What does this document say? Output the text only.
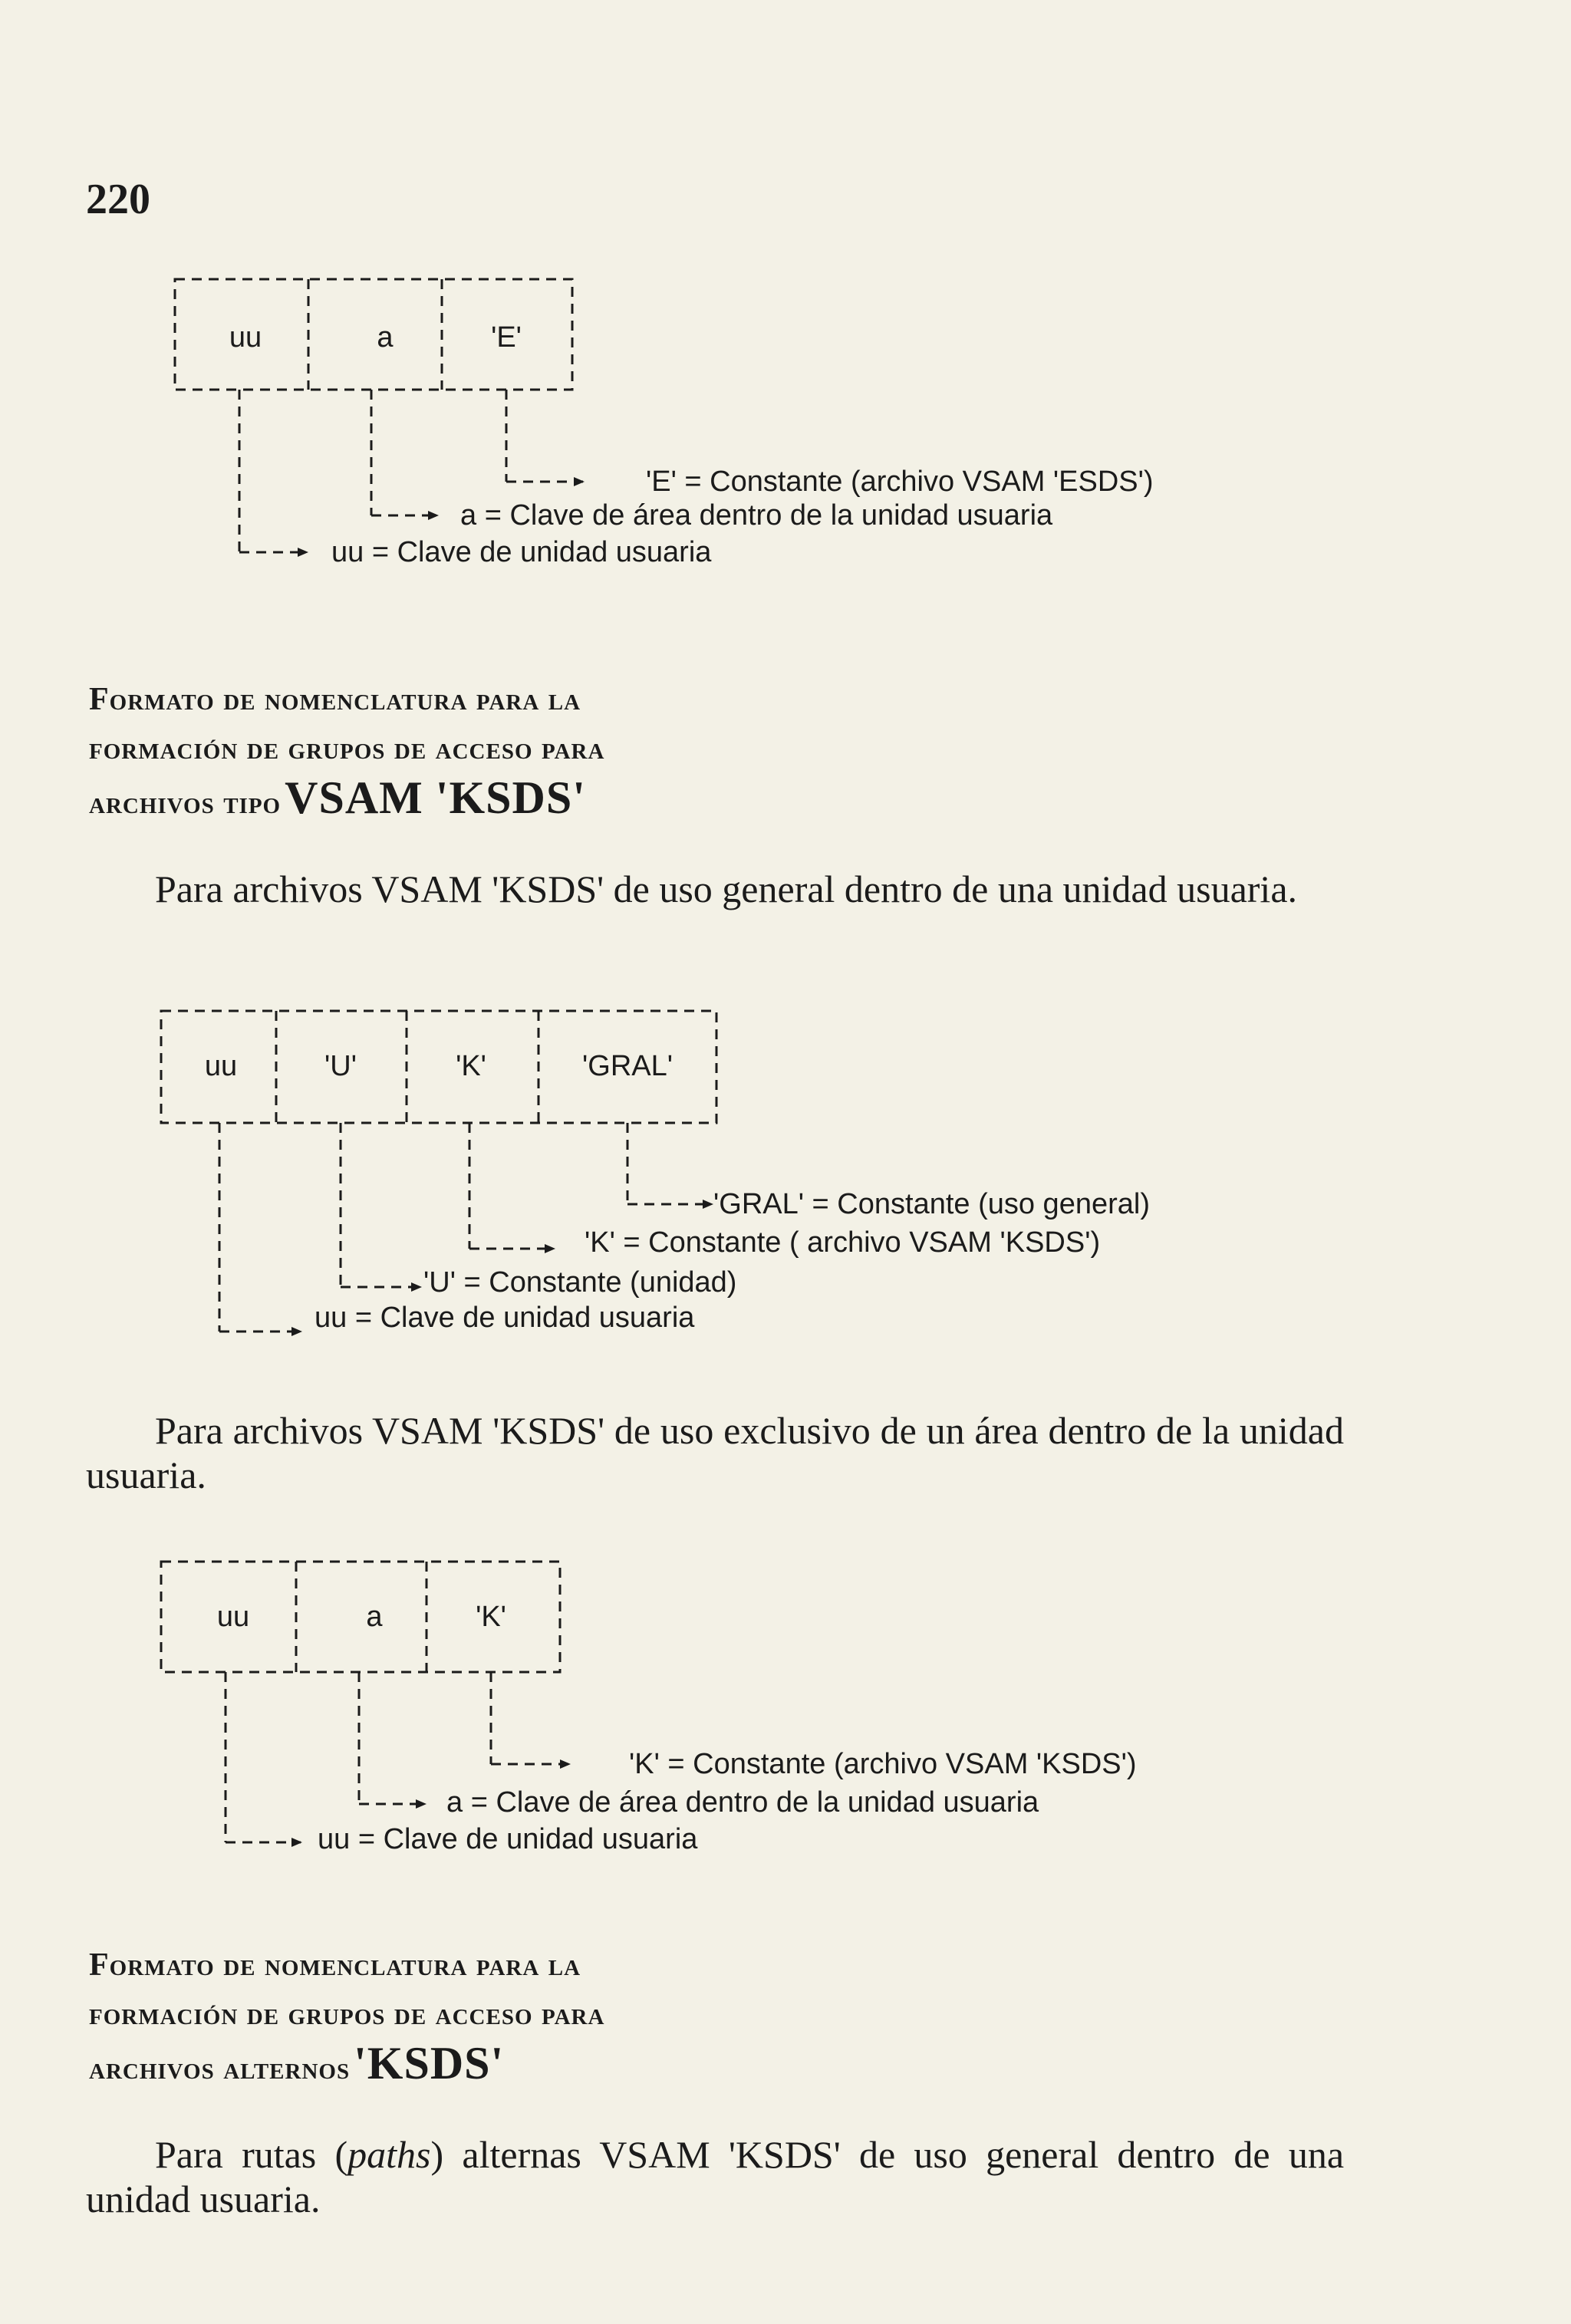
220
uu	a	'E'
'E' = Constante (archivo VSAM 'ESDS')
a = Clave de área dentro de la unidad usuaria
uu = Clave de unidad usuaria
uu	'U'	'K'	'GRAL'
'GRAL' = Constante (uso general)
'K' = Constante ( archivo VSAM 'KSDS')
'U' = Constante (unidad)
uu = Clave de unidad usuaria
uu	a	'K'
'K' = Constante (archivo VSAM 'KSDS')
a = Clave de área dentro de la unidad usuaria
uu = Clave de unidad usuaria
Formato de nomenclatura para la
formación de grupos de acceso para
archivos tipo VSAM 'KSDS'
Para archivos VSAM 'KSDS' de uso general dentro de una unidad usuaria.
Para archivos VSAM 'KSDS' de uso exclusivo de un área dentro de la unidad usuaria.
Formato de nomenclatura para la
formación de grupos de acceso para
archivos alternos 'KSDS'
Para rutas (paths) alternas VSAM 'KSDS' de uso general dentro de una unidad usuaria.
